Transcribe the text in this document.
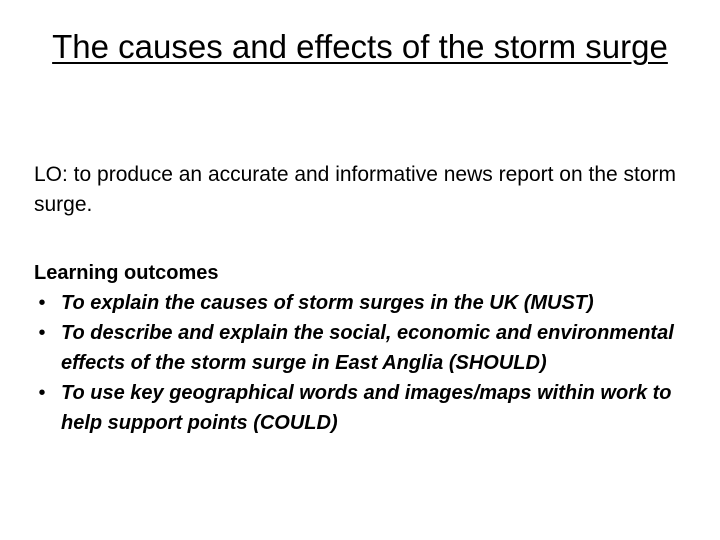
The causes and effects of the storm surge

LO: to produce an accurate and informative news report on the storm surge.

Learning outcomes

• To explain the causes of storm surges in the UK (MUST)
• To describe and explain the social, economic and environmental effects of the storm surge in East Anglia (SHOULD)
• To use key geographical words and images/maps within work to help support points (COULD)
